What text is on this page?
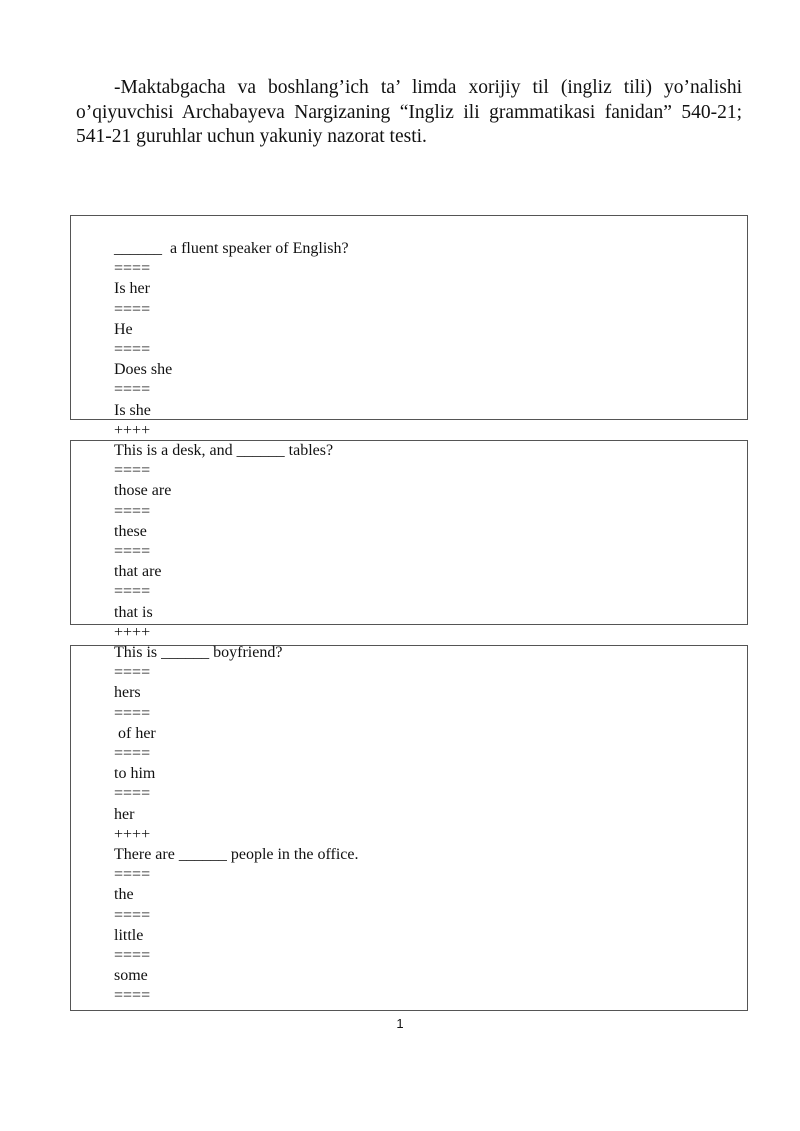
-Maktabgacha va boshlang’ich ta’ limda xorijiy til (ingliz tili) yo’nalishi o’qiyuvchisi Archabayeva Nargizaning “Ingliz ili grammatikasi fanidan” 540-21; 541-21 guruhlar uchun yakuniy nazorat testi.
______  a fluent speaker of English?
====
Is her
====
He
====
Does she
====
Is she
++++
This is a desk, and ______ tables?
====
those are
====
these
====
that are
====
that is
++++
This is ______ boyfriend?
====
hers
====
of her
====
to him
====
her
++++
There are ______ people in the office.
====
the
====
little
====
some
====
1
